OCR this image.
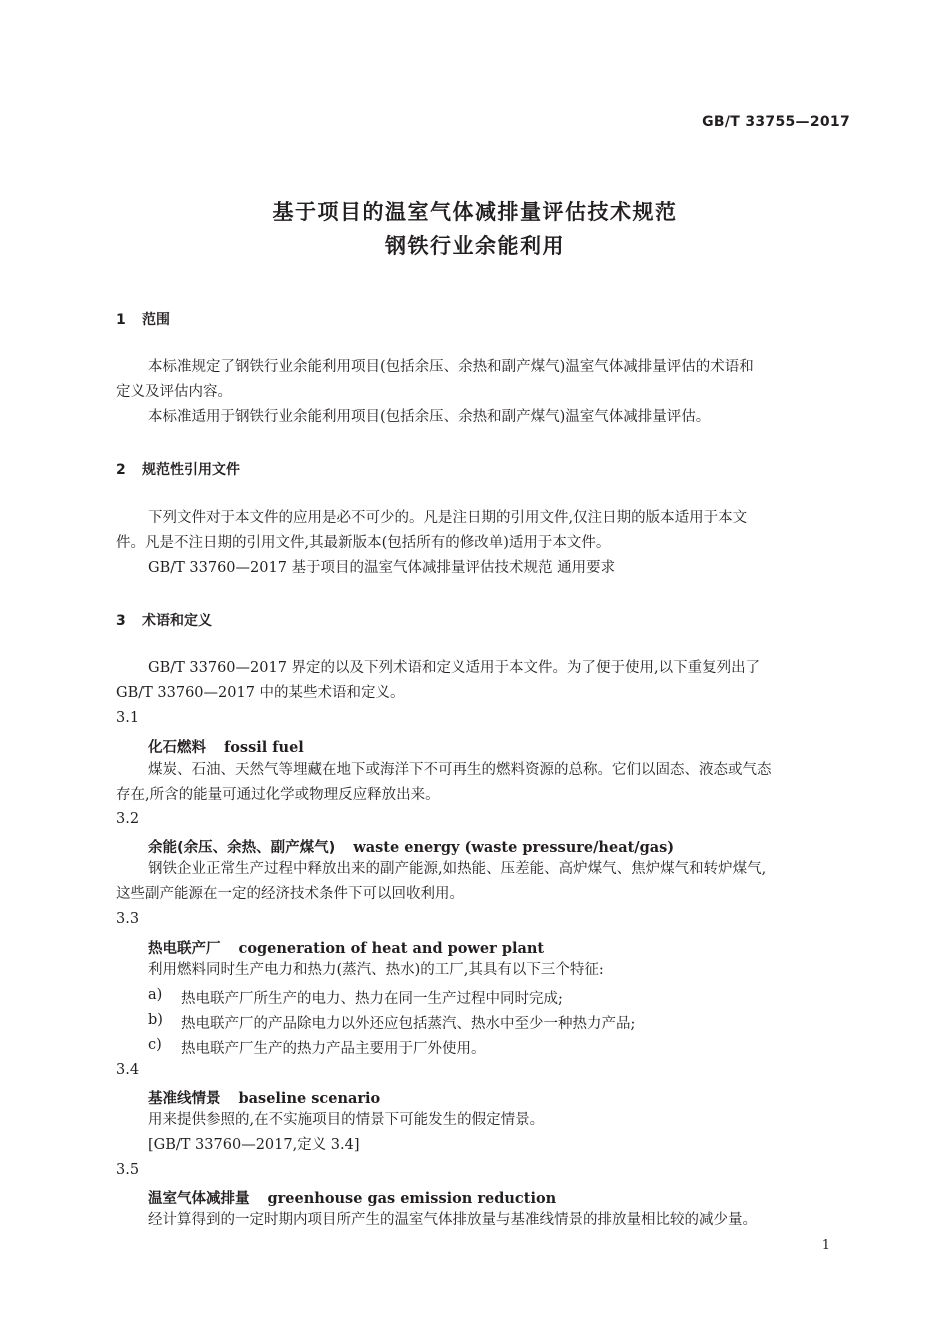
GB/T 33755—2017
基于项目的温室气体减排量评估技术规范
钢铁行业余能利用
1 范围
本标准规定了钢铁行业余能利用项目(包括余压、余热和副产煤气)温室气体减排量评估的术语和
定义及评估内容。
本标准适用于钢铁行业余能利用项目(包括余压、余热和副产煤气)温室气体减排量评估。
2 规范性引用文件
下列文件对于本文件的应用是必不可少的。凡是注日期的引用文件,仅注日期的版本适用于本文
件。凡是不注日期的引用文件,其最新版本(包括所有的修改单)适用于本文件。
GB/T 33760—2017 基于项目的温室气体减排量评估技术规范 通用要求
3 术语和定义
GB/T 33760—2017 界定的以及下列术语和定义适用于本文件。为了便于使用,以下重复列出了
GB/T 33760—2017 中的某些术语和定义。
3.1
化石燃料 fossil fuel
煤炭、石油、天然气等埋藏在地下或海洋下不可再生的燃料资源的总称。它们以固态、液态或气态
存在,所含的能量可通过化学或物理反应释放出来。
3.2
余能(余压、余热、副产煤气) waste energy (waste pressure/heat/gas)
钢铁企业正常生产过程中释放出来的副产能源,如热能、压差能、高炉煤气、焦炉煤气和转炉煤气,
这些副产能源在一定的经济技术条件下可以回收利用。
3.3
热电联产厂 cogeneration of heat and power plant
利用燃料同时生产电力和热力(蒸汽、热水)的工厂,其具有以下三个特征:
a) 热电联产厂所生产的电力、热力在同一生产过程中同时完成;
b) 热电联产厂的产品除电力以外还应包括蒸汽、热水中至少一种热力产品;
c) 热电联产厂生产的热力产品主要用于厂外使用。
3.4
基准线情景 baseline scenario
用来提供参照的,在不实施项目的情景下可能发生的假定情景。
[GB/T 33760—2017,定义 3.4]
3.5
温室气体减排量 greenhouse gas emission reduction
经计算得到的一定时期内项目所产生的温室气体排放量与基准线情景的排放量相比较的减少量。
1
